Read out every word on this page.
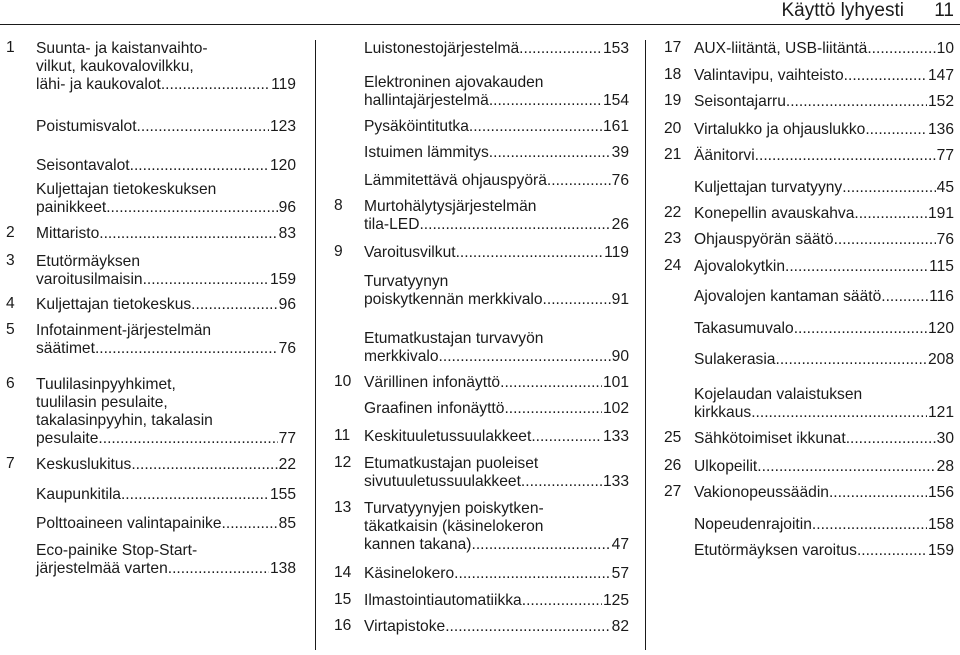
Käyttö lyhyesti 11
1	Suunta- ja kaistanvaihto-
vilkut, kaukovalovilkku,
lähi- ja kaukovalot .....	119
Poistumisvalot .....	123
Seisontavalot .....	120
Kuljettajan tietokeskuksen
painikkeet .....	96
2	Mittaristo .....	83
3	Etutörmäyksen
varoitusilmaisin .....	159
4	Kuljettajan tietokeskus .....	96
5	Infotainment-järjestelmän
säätimet .....	76
6	Tuulilasinpyyhkimet,
tuulilasin pesulaite,
takalasinpyyhin, takalasin
pesulaite .....	77
7	Keskuslukitus .....	22
Kaupunkitila .....	155
Polttoaineen valintapainike .....	85
Eco-painike Stop-Start-
järjestelmää varten .....	138
Luistonestojärjestelmä .....	153
Elektroninen ajovakauden
hallintajärjestelmä .....	154
Pysäköintitutka .....	161
Istuimen lämmitys .....	39
Lämmitettävä ohjauspyörä .....	76
8	Murtohälytysjärjestelmän
tila-LED .....	26
9	Varoitusvilkut .....	119
Turvatyynyn
poiskytkennän merkkivalo .....	91
Etumatkustajan turvavyön
merkkivalo .....	90
10 Värillinen infonäyttö .....	101
Graafinen infonäyttö .....	102
11 Keskituuletussuulakkeet .....	133
12 Etumatkustajan puoleiset
sivutuuletussuulakkeet .....	133
13 Turvatyynyjen poiskytken-
täkatkaisin (käsinelokeron
kannen takana) .....	47
14 Käsinelokero .....	57
15 Ilmastointiautomatiikka .....	125
16 Virtapistoke .....	82
17 AUX-liitäntä, USB-liitäntä .....	10
18 Valintavipu, vaihteisto .....	147
19 Seisontajarru .....	152
20 Virtalukko ja ohjauslukko .....	136
21 Äänitorvi .....	77
Kuljettajan turvatyyny .....	45
22 Konepellin avauskahva .....	191
23 Ohjauspyörän säätö .....	76
24 Ajovalokytkin .....	115
Ajovalojen kantaman säätö .....	116
Takasumuvalo .....	120
Sulakerasia .....	208
Kojelaudan valaistuksen
kirkkaus .....	121
25 Sähkötoimiset ikkunat .....	30
26 Ulkopeilit .....	28
27 Vakionopeussäädin .....	156
Nopeudenrajoitin .....	158
Etutörmäyksen varoitus .....	159
